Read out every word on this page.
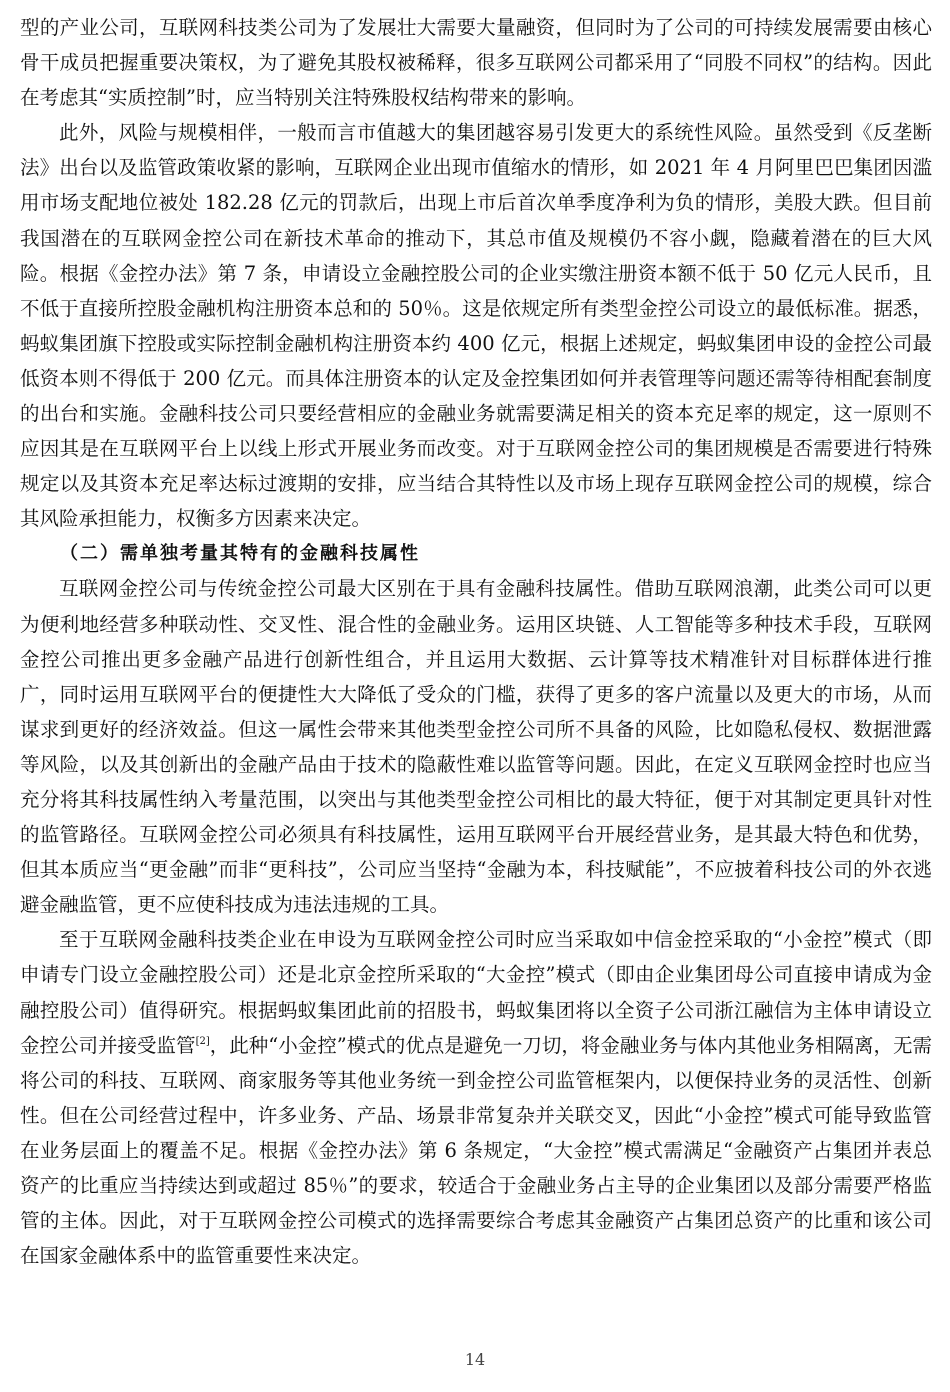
型的产业公司，互联网科技类公司为了发展壮大需要大量融资，但同时为了公司的可持续发展需要由核心骨干成员把握重要决策权，为了避免其股权被稀释，很多互联网公司都采用了“同股不同权”的结构。因此在考虑其“实质控制”时，应当特别关注特殊股权结构带来的影响。

此外，风险与规模相伴，一般而言市值越大的集团越容易引发更大的系统性风险。虽然受到《反垄断法》出台以及监管政策收紧的影响，互联网企业出现市值缩水的情形，如 2021 年 4 月阿里巴巴集团因滥用市场支配地位被处 182.28 亿元的罚款后，出现上市后首次单季度净利为负的情形，美股大跌。但目前我国潜在的互联网金控公司在新技术革命的推动下，其总市值及规模仍不容小觑，隐藏着潜在的巨大风险。根据《金控办法》第 7 条，申请设立金融控股公司的企业实缴注册资本额不低于 50 亿元人民币，且不低于直接所控股金融机构注册资本总和的 50％。这是依规定所有类型金控公司设立的最低标准。据悉，蚂蚁集团旗下控股或实际控制金融机构注册资本约 400 亿元，根据上述规定，蚂蚁集团申设的金控公司最低资本则不得低于 200 亿元。而具体注册资本的认定及金控集团如何并表管理等问题还需等待相配套制度的出台和实施。金融科技公司只要经营相应的金融业务就需要满足相关的资本充足率的规定，这一原则不应因其是在互联网平台上以线上形式开展业务而改变。对于互联网金控公司的集团规模是否需要进行特殊规定以及其资本充足率达标过渡期的安排，应当结合其特性以及市场上现存互联网金控公司的规模，综合其风险承担能力，权衡多方因素来决定。

（二）需单独考量其特有的金融科技属性

互联网金控公司与传统金控公司最大区别在于具有金融科技属性。借助互联网浪潮，此类公司可以更为便利地经营多种联动性、交叉性、混合性的金融业务。运用区块链、人工智能等多种技术手段，互联网金控公司推出更多金融产品进行创新性组合，并且运用大数据、云计算等技术精准针对目标群体进行推广，同时运用互联网平台的便捷性大大降低了受众的门槛，获得了更多的客户流量以及更大的市场，从而谋求到更好的经济效益。但这一属性会带来其他类型金控公司所不具备的风险，比如隐私侵权、数据泄露等风险，以及其创新出的金融产品由于技术的隐蔽性难以监管等问题。因此，在定义互联网金控时也应当充分将其科技属性纳入考量范围，以突出与其他类型金控公司相比的最大特征，便于对其制定更具针对性的监管路径。互联网金控公司必须具有科技属性，运用互联网平台开展经营业务，是其最大特色和优势，但其本质应当“更金融”而非“更科技”，公司应当坚持“金融为本，科技赋能”，不应披着科技公司的外衣逃避金融监管，更不应使科技成为违法违规的工具。

至于互联网金融科技类企业在申设为互联网金控公司时应当采取如中信金控采取的“小金控”模式（即申请专门设立金融控股公司）还是北京金控所采取的“大金控”模式（即由企业集团母公司直接申请成为金融控股公司）值得研究。根据蚂蚁集团此前的招股书，蚂蚁集团将以全资子公司浙江融信为主体申请设立金控公司并接受监管[2]，此种“小金控”模式的优点是避免一刀切，将金融业务与体内其他业务相隔离，无需将公司的科技、互联网、商家服务等其他业务统一到金控公司监管框架内，以便保持业务的灵活性、创新性。但在公司经营过程中，许多业务、产品、场景非常复杂并关联交叉，因此“小金控”模式可能导致监管在业务层面上的覆盖不足。根据《金控办法》第 6 条规定，“大金控”模式需满足“金融资产占集团并表总资产的比重应当持续达到或超过 85％”的要求，较适合于金融业务占主导的企业集团以及部分需要严格监管的主体。因此，对于互联网金控公司模式的选择需要综合考虑其金融资产占集团总资产的比重和该公司在国家金融体系中的监管重要性来决定。

14
